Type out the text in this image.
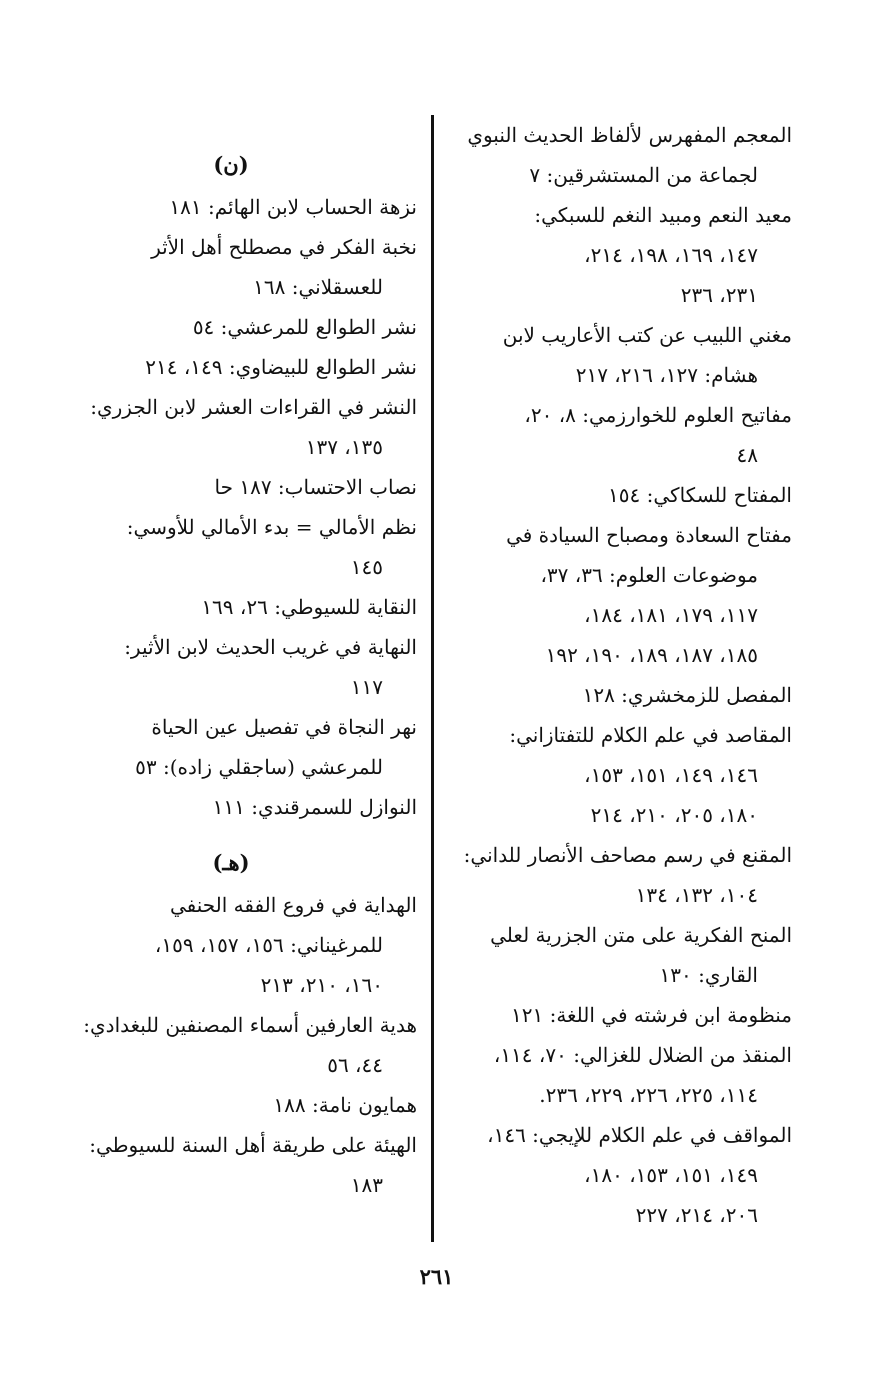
المعجم المفهرس لألفاظ الحديث النبوي
لجماعة من المستشرقين: ٧
معيد النعم ومبيد النغم للسبكي:
١٤٧، ١٦٩، ١٩٨، ٢١٤،
٢٣١، ٢٣٦
مغني اللبيب عن كتب الأعاريب لابن
هشام: ١٢٧، ٢١٦، ٢١٧
مفاتيح العلوم للخوارزمي: ٨، ٢٠،
٤٨
المفتاح للسكاكي: ١٥٤
مفتاح السعادة ومصباح السيادة في
موضوعات العلوم: ٣٦، ٣٧،
١١٧، ١٧٩، ١٨١، ١٨٤،
١٨٥، ١٨٧، ١٨٩، ١٩٠، ١٩٢
المفصل للزمخشري: ١٢٨
المقاصد في علم الكلام للتفتازاني:
١٤٦، ١٤٩، ١٥١، ١٥٣،
١٨٠، ٢٠٥، ٢١٠، ٢١٤
المقنع في رسم مصاحف الأنصار للداني:
١٠٤، ١٣٢، ١٣٤
المنح الفكرية على متن الجزرية لعلي
القاري: ١٣٠
منظومة ابن فرشته في اللغة: ١٢١
المنقذ من الضلال للغزالي: ٧٠، ١١٤،
١١٤، ٢٢٥، ٢٢٦، ٢٢٩، ٢٣٦.
المواقف في علم الكلام للإيجي: ١٤٦،
١٤٩، ١٥١، ١٥٣، ١٨٠،
٢٠٦، ٢١٤، ٢٢٧
(ن)
نزهة الحساب لابن الهائم: ١٨١
نخبة الفكر في مصطلح أهل الأثر
للعسقلاني: ١٦٨
نشر الطوالع للمرعشي: ٥٤
نشر الطوالع للبيضاوي: ١٤٩، ٢١٤
النشر في القراءات العشر لابن الجزري:
١٣٥، ١٣٧
نصاب الاحتساب: ١٨٧ حا
نظم الأمالي = بدء الأمالي للأوسي:
١٤٥
النقاية للسيوطي: ٢٦، ١٦٩
النهاية في غريب الحديث لابن الأثير:
١١٧
نهر النجاة في تفصيل عين الحياة
للمرعشي (ساجقلي زاده): ٥٣
النوازل للسمرقندي: ١١١
(هـ)
الهداية في فروع الفقه الحنفي
للمرغيناني: ١٥٦، ١٥٧، ١٥٩،
١٦٠، ٢١٠، ٢١٣
هدية العارفين أسماء المصنفين للبغدادي:
٤٤، ٥٦
همايون نامة: ١٨٨
الهيئة على طريقة أهل السنة للسيوطي:
١٨٣
٢٦١
